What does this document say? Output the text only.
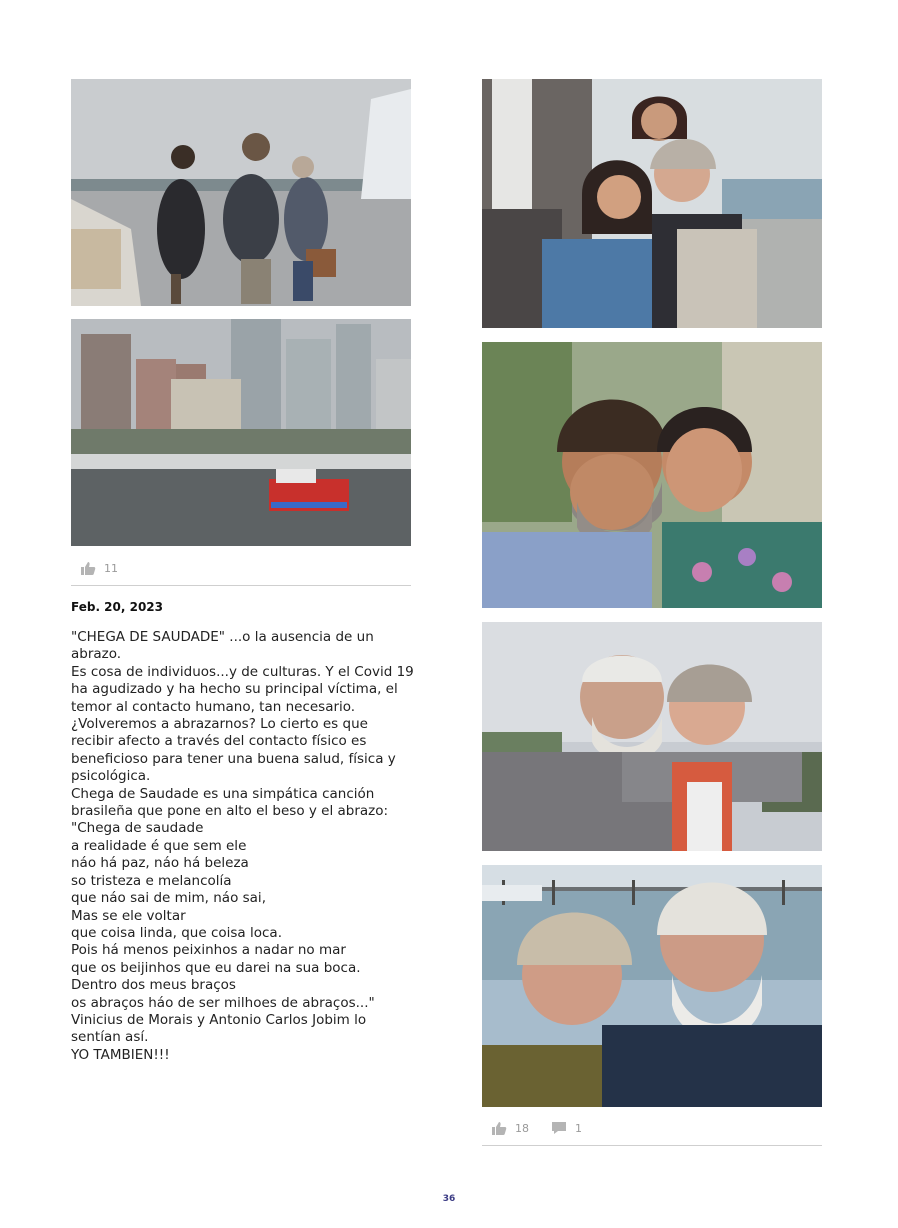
11
Feb. 20, 2023
"CHEGA DE SAUDADE" ...o la ausencia de un
abrazo.
Es cosa de individuos...y de culturas. Y el Covid 19
ha agudizado y ha hecho su principal víctima, el
temor al contacto humano, tan necesario.
¿Volveremos a abrazarnos? Lo cierto es que
recibir afecto a través del contacto físico es
beneficioso para tener una buena salud, física y
psicológica.
Chega de Saudade es una simpática canción
brasileña que pone en alto el beso y el abrazo:
"Chega de saudade
a realidade é que sem ele
náo há paz, náo há beleza
so tristeza e melancolía
que náo sai de mim, náo sai,
Mas se ele voltar
que coisa linda, que coisa loca.
Pois há menos peixinhos a nadar no mar
que os beijinhos que eu darei na sua boca.
Dentro dos meus braços
os abraços háo de ser milhoes de abraços..."
Vinicius de Morais y Antonio Carlos Jobim lo
sentían así.
YO TAMBIEN!!!
18	1
36
